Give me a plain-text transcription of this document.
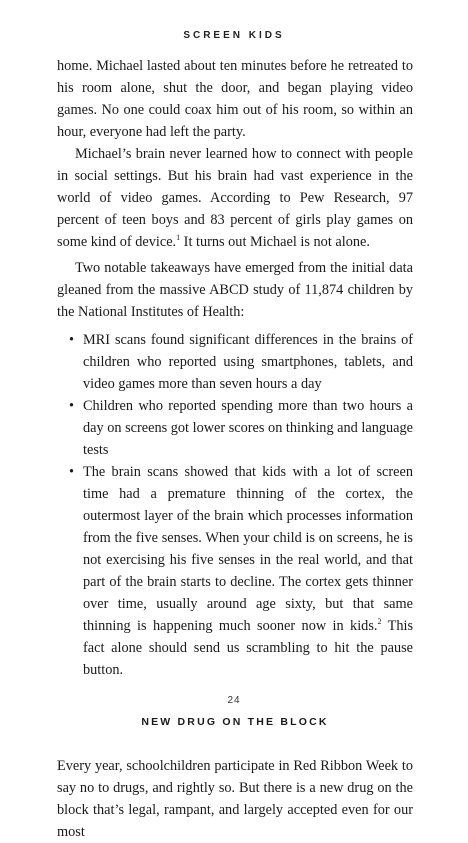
SCREEN KIDS

home. Michael lasted about ten minutes before he retreated to his room alone, shut the door, and began playing video games. No one could coax him out of his room, so within an hour, everyone had left the party.

Michael’s brain never learned how to connect with people in social settings. But his brain had vast experience in the world of video games. According to Pew Research, 97 percent of teen boys and 83 percent of girls play games on some kind of device.$^1$ It turns out Michael is not alone.

Two notable takeaways have emerged from the initial data gleaned from the massive ABCD study of 11,874 children by the National Institutes of Health:

• MRI scans found significant differences in the brains of children who reported using smartphones, tablets, and video games more than seven hours a day
• Children who reported spending more than two hours a day on screens got lower scores on thinking and language tests
• The brain scans showed that kids with a lot of screen time had a premature thinning of the cortex, the outermost layer of the brain which processes information from the five senses. When your child is on screens, he is not exercising his five senses in the real world, and that part of the brain starts to decline. The cortex gets thinner over time, usually around age sixty, but that same thinning is happening much sooner now in kids.$^2$ This fact alone should send us scrambling to hit the pause button.

NEW DRUG ON THE BLOCK

Every year, schoolchildren participate in Red Ribbon Week to say no to drugs, and rightly so. But there is a new drug on the block that’s legal, rampant, and largely accepted even for our most

24
